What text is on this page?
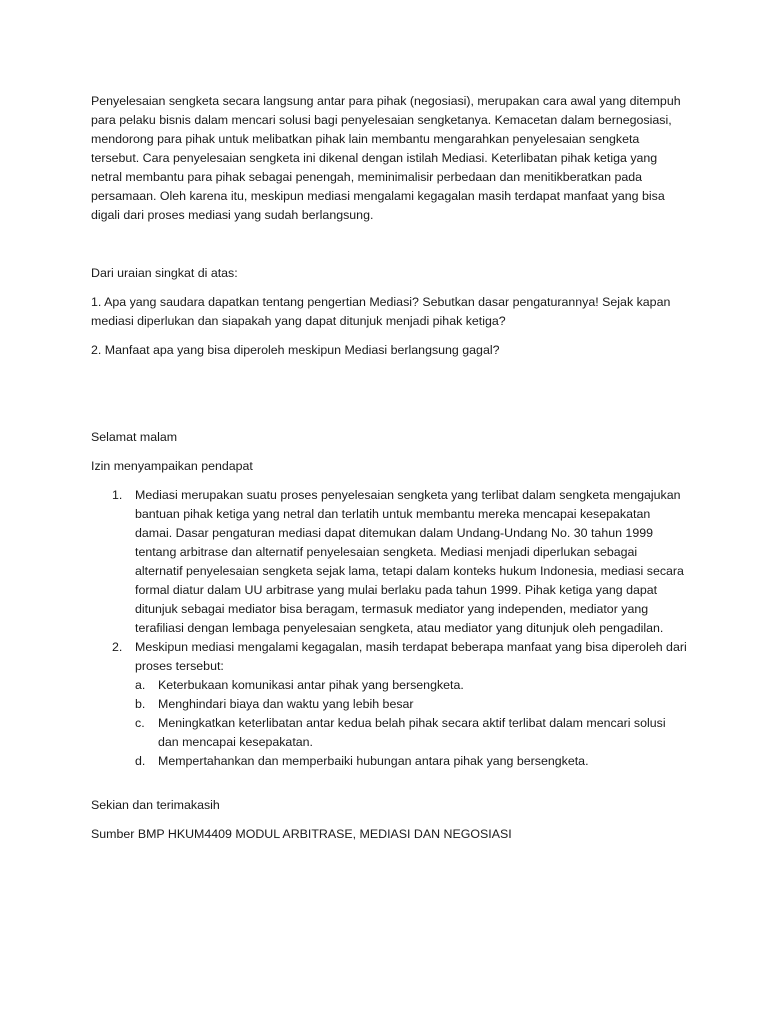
Penyelesaian sengketa secara langsung antar para pihak (negosiasi), merupakan cara awal yang ditempuh para pelaku bisnis dalam mencari solusi bagi penyelesaian sengketanya. Kemacetan dalam bernegosiasi, mendorong para pihak untuk melibatkan pihak lain membantu mengarahkan penyelesaian sengketa tersebut. Cara penyelesaian sengketa ini dikenal dengan istilah Mediasi. Keterlibatan pihak ketiga yang netral membantu para pihak sebagai penengah, meminimalisir perbedaan dan menitikberatkan pada persamaan. Oleh karena itu, meskipun mediasi mengalami kegagalan masih terdapat manfaat yang bisa digali dari proses mediasi yang sudah berlangsung.

Dari uraian singkat di atas:

1. Apa yang saudara dapatkan tentang pengertian Mediasi? Sebutkan dasar pengaturannya! Sejak kapan mediasi diperlukan dan siapakah yang dapat ditunjuk menjadi pihak ketiga?

2. Manfaat apa yang bisa diperoleh meskipun Mediasi berlangsung gagal?

Selamat malam

Izin menyampaikan pendapat

1. Mediasi merupakan suatu proses penyelesaian sengketa yang terlibat dalam sengketa mengajukan bantuan pihak ketiga yang netral dan terlatih untuk membantu mereka mencapai kesepakatan damai. Dasar pengaturan mediasi dapat ditemukan dalam Undang-Undang No. 30 tahun 1999 tentang arbitrase dan alternatif penyelesaian sengketa. Mediasi menjadi diperlukan sebagai alternatif penyelesaian sengketa sejak lama, tetapi dalam konteks hukum Indonesia, mediasi secara formal diatur dalam UU arbitrase yang mulai berlaku pada tahun 1999. Pihak ketiga yang dapat ditunjuk sebagai mediator bisa beragam, termasuk mediator yang independen, mediator yang terafiliasi dengan lembaga penyelesaian sengketa, atau mediator yang ditunjuk oleh pengadilan.
2. Meskipun mediasi mengalami kegagalan, masih terdapat beberapa manfaat yang bisa diperoleh dari proses tersebut:
a. Keterbukaan komunikasi antar pihak yang bersengketa.
b. Menghindari biaya dan waktu yang lebih besar
c. Meningkatkan keterlibatan antar kedua belah pihak secara aktif terlibat dalam mencari solusi dan mencapai kesepakatan.
d. Mempertahankan dan memperbaiki hubungan antara pihak yang bersengketa.

Sekian dan terimakasih

Sumber BMP HKUM4409 MODUL ARBITRASE, MEDIASI DAN NEGOSIASI
